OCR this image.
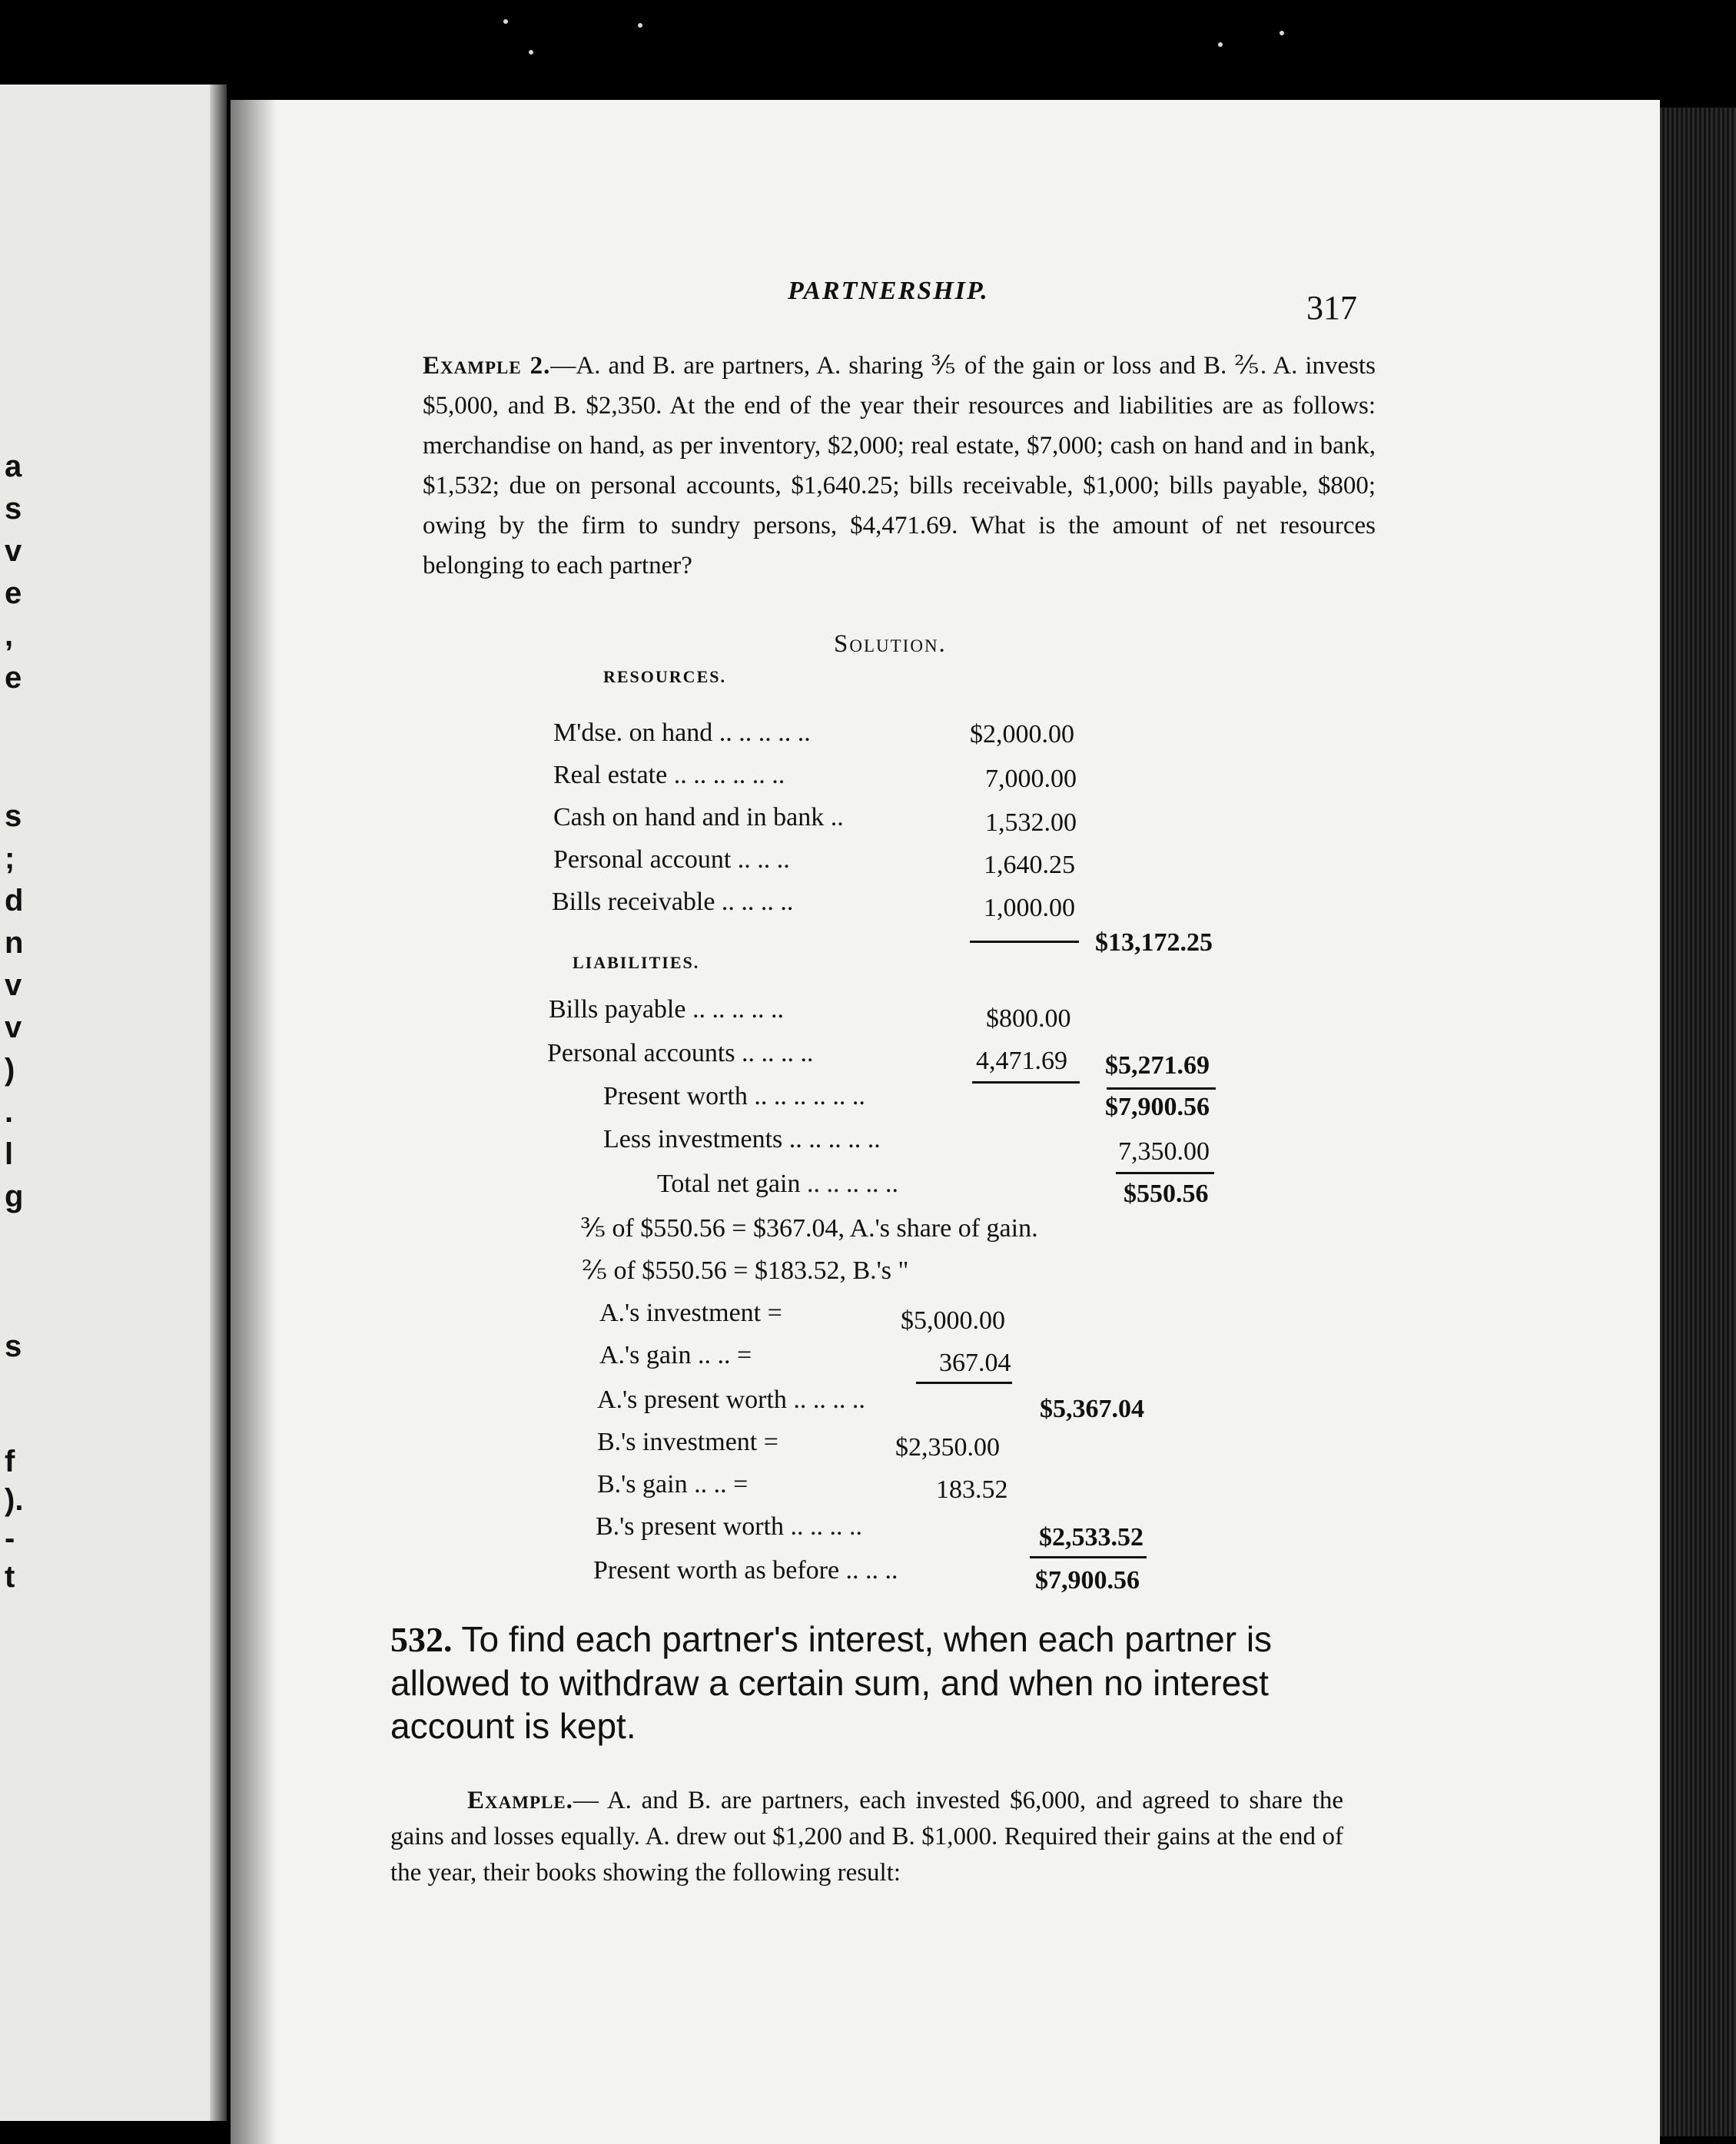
a
s
v
e
,
e
s
;
d
n
v
v
)
.
l
g
s
f
).
-
t
PARTNERSHIP.	317
Example 2.—A. and B. are partners, A. sharing ⅗ of the gain or loss and B. ⅖. A. invests $5,000, and B. $2,350. At the end of the year their resources and liabilities are as follows: merchandise on hand, as per inventory, $2,000; real estate, $7,000; cash on hand and in bank, $1,532; due on personal accounts, $1,640.25; bills receivable, $1,000; bills payable, $800; owing by the firm to sundry persons, $4,471.69. What is the amount of net resources belonging to each partner?
Solution.
RESOURCES.
M'dse. on hand .. .. .. .. ..	$2,000.00
Real estate .. .. .. .. .. ..	7,000.00
Cash on hand and in bank ..	1,532.00
Personal account .. .. ..	1,640.25
Bills receivable .. .. .. ..	1,000.00
$13,172.25
LIABILITIES.
Bills payable .. .. .. .. ..	$800.00
Personal accounts .. .. .. ..	4,471.69 $5,271.69
Present worth .. .. .. .. .. ..	$7,900.56
Less investments .. .. .. .. ..	7,350.00
Total net gain .. .. .. .. ..	$550.56
⅗ of $550.56 = $367.04, A.'s share of gain.
⅖ of $550.56 = $183.52, B.'s "
A.'s investment =	$5,000.00
A.'s gain .. .. =	367.04
A.'s present worth .. .. .. ..	$5,367.04
B.'s investment =	$2,350.00
B.'s gain .. .. =	183.52
B.'s present worth .. .. .. ..	$2,533.52
Present worth as before .. .. ..	$7,900.56
532. To find each partner's interest, when each partner is allowed to withdraw a certain sum, and when no interest account is kept.
Example.— A. and B. are partners, each invested $6,000, and agreed to share the gains and losses equally. A. drew out $1,200 and B. $1,000. Required their gains at the end of the year, their books showing the following result:
